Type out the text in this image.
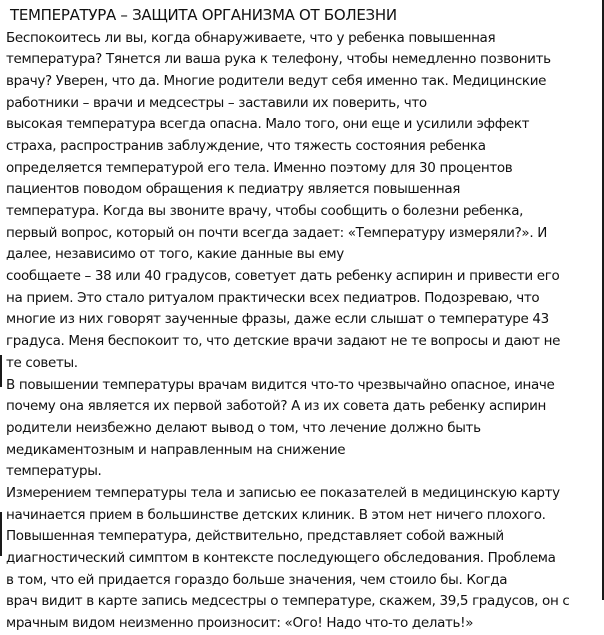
ТЕМПЕРАТУРА – ЗАЩИТА ОРГАНИЗМА ОТ БОЛЕЗНИ
Беспокоитесь ли вы, когда обнаруживаете, что у ребенка повышенная
температура? Тянется ли ваша рука к телефону, чтобы немедленно позвонить
врачу? Уверен, что да. Многие родители ведут себя именно так. Медицинские
работники – врачи и медсестры – заставили их поверить, что
высокая температура всегда опасна. Мало того, они еще и усилили эффект
страха, распространив заблуждение, что тяжесть состояния ребенка
определяется температурой его тела. Именно поэтому для 30 процентов
пациентов поводом обращения к педиатру является повышенная
температура. Когда вы звоните врачу, чтобы сообщить о болезни ребенка,
первый вопрос, который он почти всегда задает: «Температуру измеряли?». И
далее, независимо от того, какие данные вы ему
сообщаете – 38 или 40 градусов, советует дать ребенку аспирин и привести его
на прием. Это стало ритуалом практически всех педиатров. Подозреваю, что
многие из них говорят заученные фразы, даже если слышат о температуре 43
градуса. Меня беспокоит то, что детские врачи задают не те вопросы и дают не
те советы.
В повышении температуры врачам видится что-то чрезвычайно опасное, иначе
почему она является их первой заботой? А из их совета дать ребенку аспирин
родители неизбежно делают вывод о том, что лечение должно быть
медикаментозным и направленным на снижение
температуры.
Измерением температуры тела и записью ее показателей в медицинскую карту
начинается прием в большинстве детских клиник. В этом нет ничего плохого.
Повышенная температура, действительно, представляет собой важный
диагностический симптом в контексте последующего обследования. Проблема
в том, что ей придается гораздо больше значения, чем стоило бы. Когда
врач видит в карте запись медсестры о температуре, скажем, 39,5 градусов, он с
мрачным видом неизменно произносит: «Ого! Надо что-то делать!»
